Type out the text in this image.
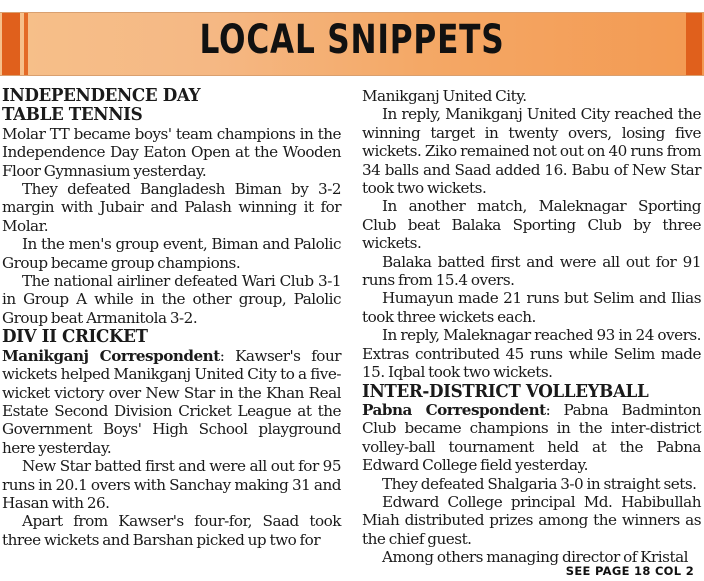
LOCAL SNIPPETS
INDEPENDENCE DAY
TABLE TENNIS

Molar TT became boys' team champions in the Independence Day Eaton Open at the Wooden Floor Gymnasium yesterday.

They defeated Bangladesh Biman by 3-2 margin with Jubair and Palash winning it for Molar.

In the men's group event, Biman and Palolic Group became group champions.

The national airliner defeated Wari Club 3-1 in Group A while in the other group, Palolic Group beat Armanitola 3-2.

DIV II CRICKET

Manikganj Correspondent: Kawser's four wickets helped Manikganj United City to a five-wicket victory over New Star in the Khan Real Estate Second Division Cricket League at the Government Boys' High School playground here yesterday.

New Star batted first and were all out for 95 runs in 20.1 overs with Sanchay making 31 and Hasan with 26.

Apart from Kawser's four-for, Saad took three wickets and Barshan picked up two for

Manikganj United City.

In reply, Manikganj United City reached the winning target in twenty overs, losing five wickets. Ziko remained not out on 40 runs from 34 balls and Saad added 16. Babu of New Star took two wickets.

In another match, Maleknagar Sporting Club beat Balaka Sporting Club by three wickets.

Balaka batted first and were all out for 91 runs from 15.4 overs.

Humayun made 21 runs but Selim and Ilias took three wickets each.

In reply, Maleknagar reached 93 in 24 overs. Extras contributed 45 runs while Selim made 15. Iqbal took two wickets.

INTER-DISTRICT VOLLEYBALL

Pabna Correspondent: Pabna Badminton Club became champions in the inter-district volley-ball tournament held at the Pabna Edward College field yesterday.

They defeated Shalgaria 3-0 in straight sets.

Edward College principal Md. Habibullah Miah distributed prizes among the winners as the chief guest.

Among others managing director of Kristal

SEE PAGE 18 COL 2
